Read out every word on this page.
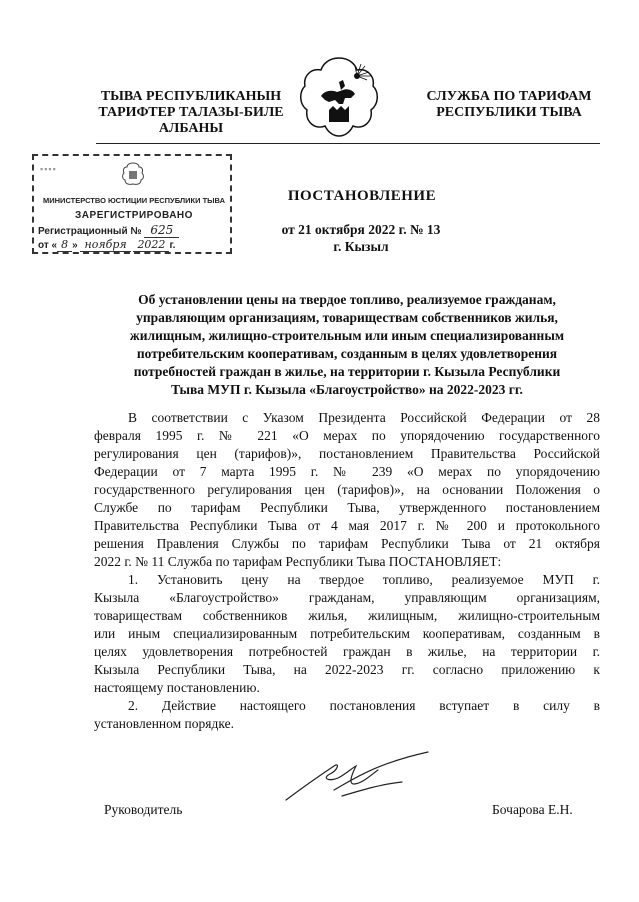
ТЫВА РЕСПУБЛИКАНЫН
ТАРИФТЕР ТАЛАЗЫ-БИЛЕ
АЛБАНЫ
СЛУЖБА ПО ТАРИФАМ
РЕСПУБЛИКИ ТЫВА
▪▪▪▪
МИНИСТЕРСТВО ЮСТИЦИИ РЕСПУБЛИКИ ТЫВА
ЗАРЕГИСТРИРОВАНО
Регистрационный № 625
от « 8 » ноября 2022 г.
ПОСТАНОВЛЕНИЕ
от 21 октября 2022 г. № 13
г. Кызыл
Об установлении цены на твердое топливо, реализуемое гражданам,
управляющим организациям, товариществам собственников жилья,
жилищным, жилищно-строительным или иным специализированным
потребительским кооперативам, созданным в целях удовлетворения
потребностей граждан в жилье, на территории г. Кызыла Республики
Тыва МУП г. Кызыла «Благоустройство» на 2022-2023 гг.
В соответствии с Указом Президента Российской Федерации от 28
февраля 1995 г. № 221 «О мерах по упорядочению государственного
регулирования цен (тарифов)», постановлением Правительства Российской
Федерации от 7 марта 1995 г. № 239 «О мерах по упорядочению
государственного регулирования цен (тарифов)», на основании Положения о
Службе по тарифам Республики Тыва, утвержденного постановлением
Правительства Республики Тыва от 4 мая 2017 г. № 200 и протокольного
решения Правления Службы по тарифам Республики Тыва от 21 октября
2022 г. № 11 Служба по тарифам Республики Тыва ПОСТАНОВЛЯЕТ:
1. Установить цену на твердое топливо, реализуемое МУП г.
Кызыла «Благоустройство» гражданам, управляющим организациям,
товариществам собственников жилья, жилищным, жилищно-строительным
или иным специализированным потребительским кооперативам, созданным в
целях удовлетворения потребностей граждан в жилье, на территории г.
Кызыла Республики Тыва, на 2022-2023 гг. согласно приложению к
настоящему постановлению.
2. Действие настоящего постановления вступает в силу в
установленном порядке.
Руководитель	Бочарова Е.Н.
